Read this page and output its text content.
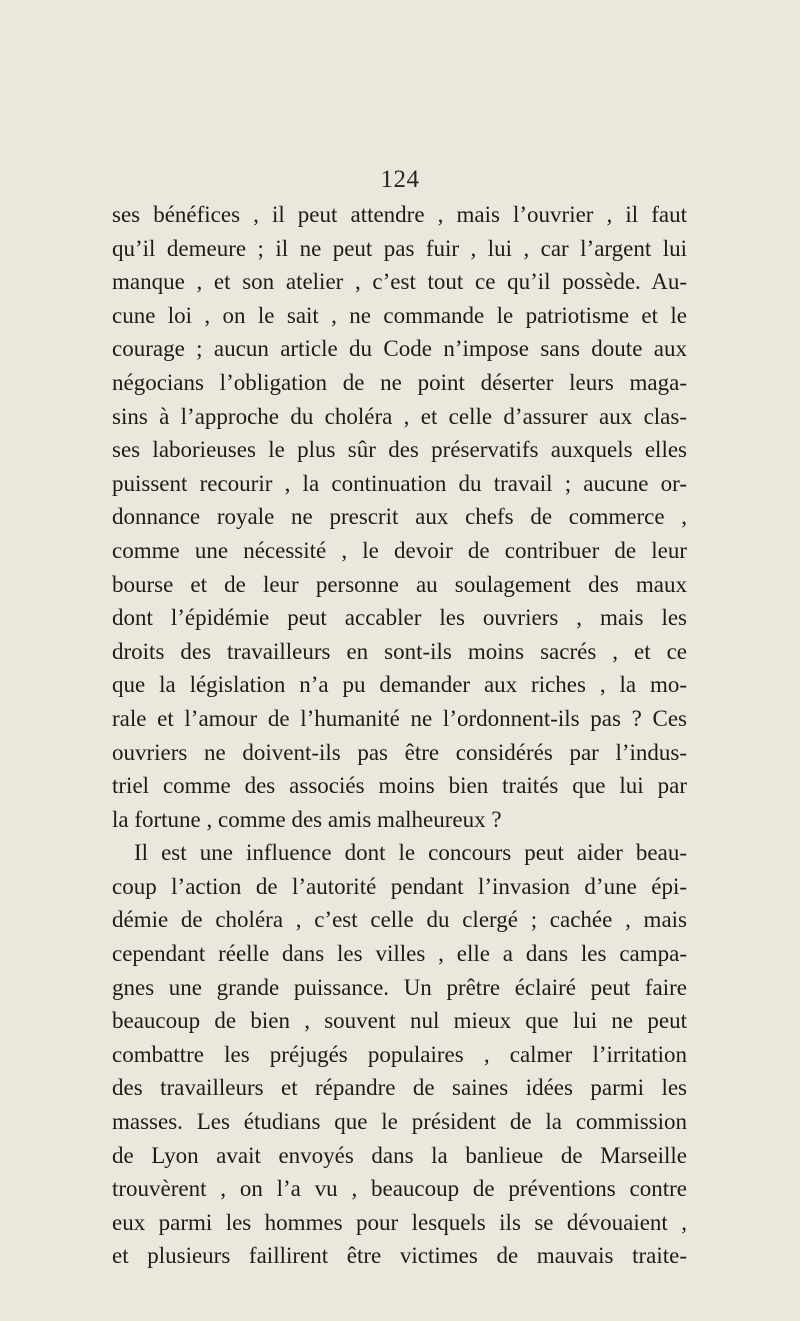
124
ses bénéfices , il peut attendre , mais l’ouvrier , il faut
qu’il demeure ; il ne peut pas fuir , lui , car l’argent lui
manque , et son atelier , c’est tout ce qu’il possède. Au-
cune loi , on le sait , ne commande le patriotisme et le
courage ; aucun article du Code n’impose sans doute aux
négocians l’obligation de ne point déserter leurs maga-
sins à l’approche du choléra , et celle d’assurer aux clas-
ses laborieuses le plus sûr des préservatifs auxquels elles
puissent recourir , la continuation du travail ; aucune or-
donnance royale ne prescrit aux chefs de commerce ,
comme une nécessité , le devoir de contribuer de leur
bourse et de leur personne au soulagement des maux
dont l’épidémie peut accabler les ouvriers , mais les
droits des travailleurs en sont-ils moins sacrés , et ce
que la législation n’a pu demander aux riches , la mo-
rale et l’amour de l’humanité ne l’ordonnent-ils pas ? Ces
ouvriers ne doivent-ils pas être considérés par l’indus-
triel comme des associés moins bien traités que lui par
la fortune , comme des amis malheureux ?
Il est une influence dont le concours peut aider beau-
coup l’action de l’autorité pendant l’invasion d’une épi-
démie de choléra , c’est celle du clergé ; cachée , mais
cependant réelle dans les villes , elle a dans les campa-
gnes une grande puissance. Un prêtre éclairé peut faire
beaucoup de bien , souvent nul mieux que lui ne peut
combattre les préjugés populaires , calmer l’irritation
des travailleurs et répandre de saines idées parmi les
masses. Les étudians que le président de la commission
de Lyon avait envoyés dans la banlieue de Marseille
trouvèrent , on l’a vu , beaucoup de préventions contre
eux parmi les hommes pour lesquels ils se dévouaient ,
et plusieurs faillirent être victimes de mauvais traite-
